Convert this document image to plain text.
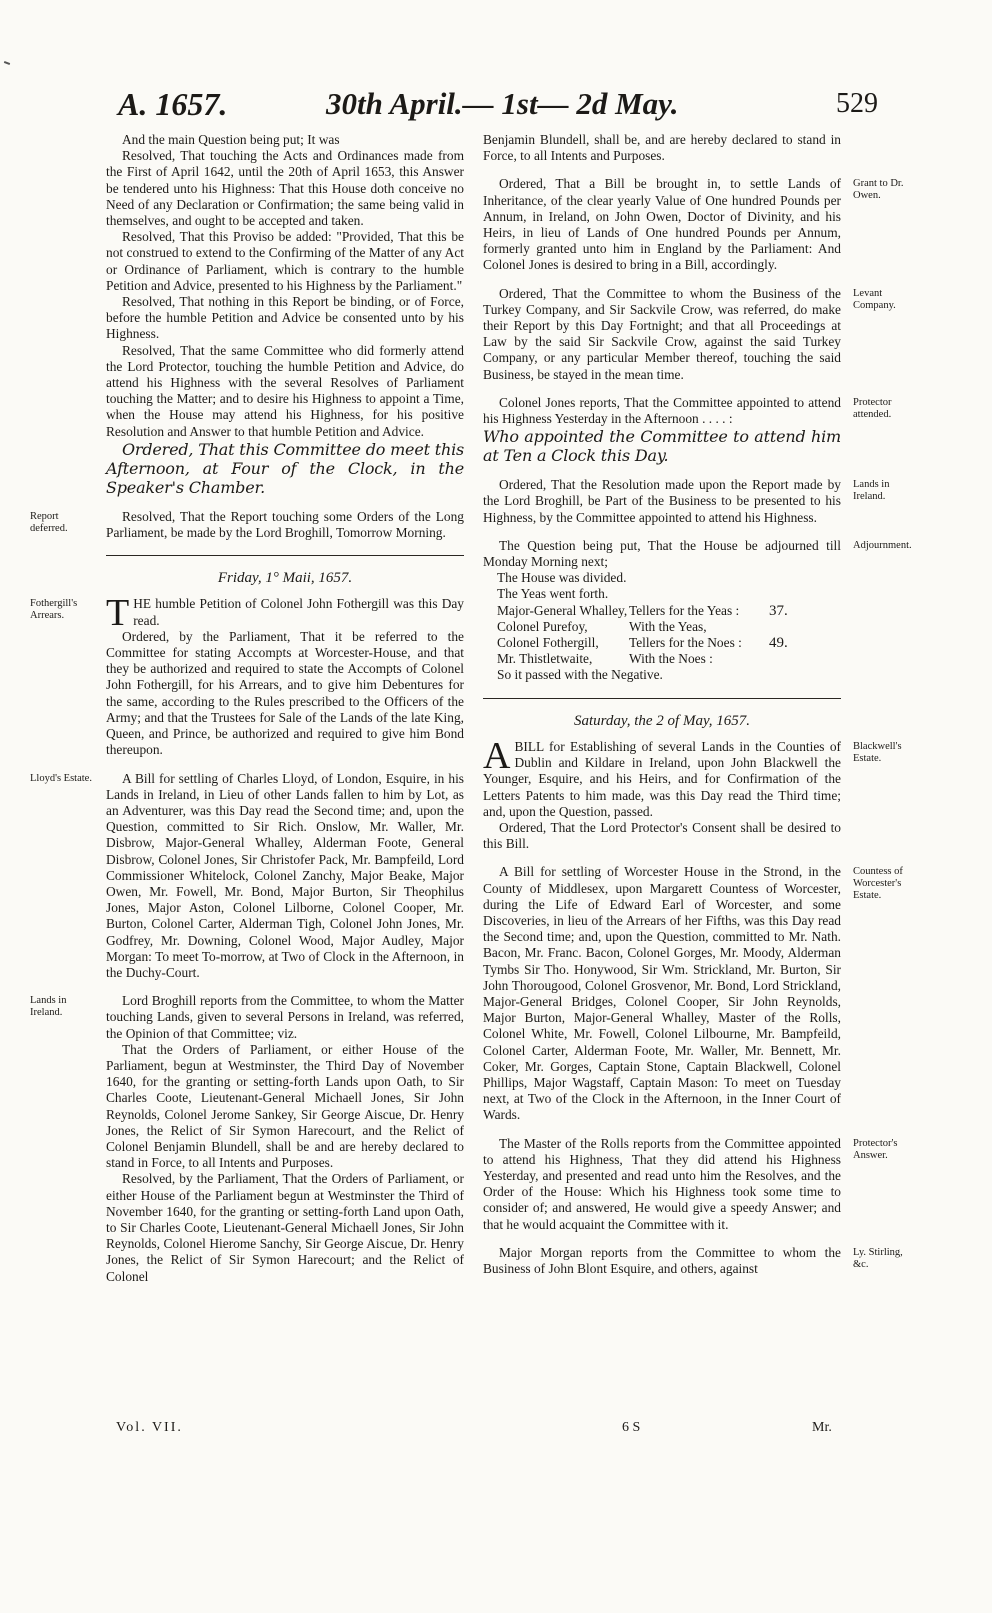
A. 1657.	30th April.— 1st— 2d May.	529

And the main Question being put; It was

Resolved, That touching the Acts and Ordinances made from the First of April 1642, until the 20th of April 1653, this Answer be tendered unto his Highness: That this House doth conceive no Need of any Declaration or Confirmation; the same being valid in themselves, and ought to be accepted and taken.

Resolved, That this Proviso be added: "Provided, That this be not construed to extend to the Confirming of the Matter of any Act or Ordinance of Parliament, which is contrary to the humble Petition and Advice, presented to his Highness by the Parliament."

Resolved, That nothing in this Report be binding, or of Force, before the humble Petition and Advice be consented unto by his Highness.

Resolved, That the same Committee who did formerly attend the Lord Protector, touching the humble Petition and Advice, do attend his Highness with the several Resolves of Parliament touching the Matter; and to desire his Highness to appoint a Time, when the House may attend his Highness, for his positive Resolution and Answer to that humble Petition and Advice.

Ordered, That this Committee do meet this Afternoon, at Four of the Clock, in the Speaker's Chamber.

Report deferred.

Resolved, That the Report touching some Orders of the Long Parliament, be made by the Lord Broghill, Tomorrow Morning.

Friday, 1° Maii, 1657.
Fothergill's Arrears.	THE humble Petition of Colonel John Fothergill was this Day read.

Ordered, by the Parliament, That it be referred to the Committee for stating Accompts at Worcester-House, and that they be authorized and required to state the Accompts of Colonel John Fothergill, for his Arrears, and to give him Debentures for the same, according to the Rules prescribed to the Officers of the Army; and that the Trustees for Sale of the Lands of the late King, Queen, and Prince, be authorized and required to give him Bond thereupon.

Lloyd's Estate.	A Bill for settling of Charles Lloyd, of London, Esquire, in his Lands in Ireland, in Lieu of other Lands fallen to him by Lot, as an Adventurer, was this Day read the Second time; and, upon the Question, committed to Sir Rich. Onslow, Mr. Waller, Mr. Disbrow, Major-General Whalley, Alderman Foote, General Disbrow, Colonel Jones, Sir Christofer Pack, Mr. Bampfeild, Lord Commissioner Whitelock, Colonel Zanchy, Major Beake, Major Owen, Mr. Fowell, Mr. Bond, Major Burton, Sir Theophilus Jones, Major Aston, Colonel Lilborne, Colonel Cooper, Mr. Burton, Colonel Carter, Alderman Tigh, Colonel John Jones, Mr. Godfrey, Mr. Downing, Colonel Wood, Major Audley, Major Morgan: To meet To-morrow, at Two of Clock in the Afternoon, in the Duchy-Court.

Lands in Ireland.

Lord Broghill reports from the Committee, to whom the Matter touching Lands, given to several Persons in Ireland, was referred, the Opinion of that Committee; viz.

That the Orders of Parliament, or either House of the Parliament, begun at Westminster, the Third Day of November 1640, for the granting or setting-forth Lands upon Oath, to Sir Charles Coote, Lieutenant-General Michaell Jones, Sir John Reynolds, Colonel Jerome Sankey, Sir George Aiscue, Dr. Henry Jones, the Relict of Sir Symon Harecourt, and the Relict of Colonel Benjamin Blundell, shall be and are hereby declared to stand in Force, to all Intents and Purposes.

Resolved, by the Parliament, That the Orders of Parliament, or either House of the Parliament begun at Westminster the Third of November 1640, for the granting or setting-forth Land upon Oath, to Sir Charles Coote, Lieutenant-General Michaell Jones, Sir John Reynolds, Colonel Hierome Sanchy, Sir George Aiscue, Dr. Henry Jones, the Relict of Sir Symon Harecourt; and the Relict of Colonel

Benjamin Blundell, shall be, and are hereby declared to stand in Force, to all Intents and Purposes.

Grant to Dr. Owen.

Ordered, That a Bill be brought in, to settle Lands of Inheritance, of the clear yearly Value of One hundred Pounds per Annum, in Ireland, on John Owen, Doctor of Divinity, and his Heirs, in lieu of Lands of One hundred Pounds per Annum, formerly granted unto him in England by the Parliament: And Colonel Jones is desired to bring in a Bill, accordingly.

Levant Company.

Ordered, That the Committee to whom the Business of the Turkey Company, and Sir Sackvile Crow, was referred, do make their Report by this Day Fortnight; and that all Proceedings at Law by the said Sir Sackvile Crow, against the said Turkey Company, or any particular Member thereof, touching the said Business, be stayed in the mean time.

Protector attended.

Colonel Jones reports, That the Committee appointed to attend his Highness Yesterday in the Afternoon . . . . :

Who appointed the Committee to attend him at Ten a Clock this Day.

Lands in Ireland.

Ordered, That the Resolution made upon the Report made by the Lord Broghill, be Part of the Business to be presented to his Highness, by the Committee appointed to attend his Highness.

Adjournment.

The Question being put, That the House be adjourned till Monday Morning next;

The House was divided.
The Yeas went forth.
Major-General Whalley, Tellers for the Yeas :	37.
Colonel Purefoy,	With the Yeas,
Colonel Fothergill,	Tellers for the Noes :	49.
Mr. Thistletwaite,	With the Noes :
So it passed with the Negative.
Saturday, the 2 of May, 1657.
Blackwell's Estate.

ABILL for Establishing of several Lands in the Counties of Dublin and Kildare in Ireland, upon John Blackwell the Younger, Esquire, and his Heirs, and for Confirmation of the Letters Patents to him made, was this Day read the Third time; and, upon the Question, passed.

Ordered, That the Lord Protector's Consent shall be desired to this Bill.

Countess of Worcester's Estate.

A Bill for settling of Worcester House in the Strond, in the County of Middlesex, upon Margarett Countess of Worcester, during the Life of Edward Earl of Worcester, and some Discoveries, in lieu of the Arrears of her Fifths, was this Day read the Second time; and, upon the Question, committed to Mr. Nath. Bacon, Mr. Franc. Bacon, Colonel Gorges, Mr. Moody, Alderman Tymbs Sir Tho. Honywood, Sir Wm. Strickland, Mr. Burton, Sir John Thorougood, Colonel Grosvenor, Mr. Bond, Lord Strickland, Major-General Bridges, Colonel Cooper, Sir John Reynolds, Major Burton, Major-General Whalley, Master of the Rolls, Colonel White, Mr. Fowell, Colonel Lilbourne, Mr. Bampfeild, Colonel Carter, Alderman Foote, Mr. Waller, Mr. Bennett, Mr. Coker, Mr. Gorges, Captain Stone, Captain Blackwell, Colonel Phillips, Major Wagstaff, Captain Mason: To meet on Tuesday next, at Two of the Clock in the Afternoon, in the Inner Court of Wards.

Protector's Answer.

The Master of the Rolls reports from the Committee appointed to attend his Highness, That they did attend his Highness Yesterday, and presented and read unto him the Resolves, and the Order of the House: Which his Highness took some time to consider of; and answered, He would give a speedy Answer; and that he would acquaint the Committee with it.

Ly. Stirling, &c.

Major Morgan reports from the Committee to whom the Business of John Blont Esquire, and others, against

Vol. VII.	6 S	Mr.
